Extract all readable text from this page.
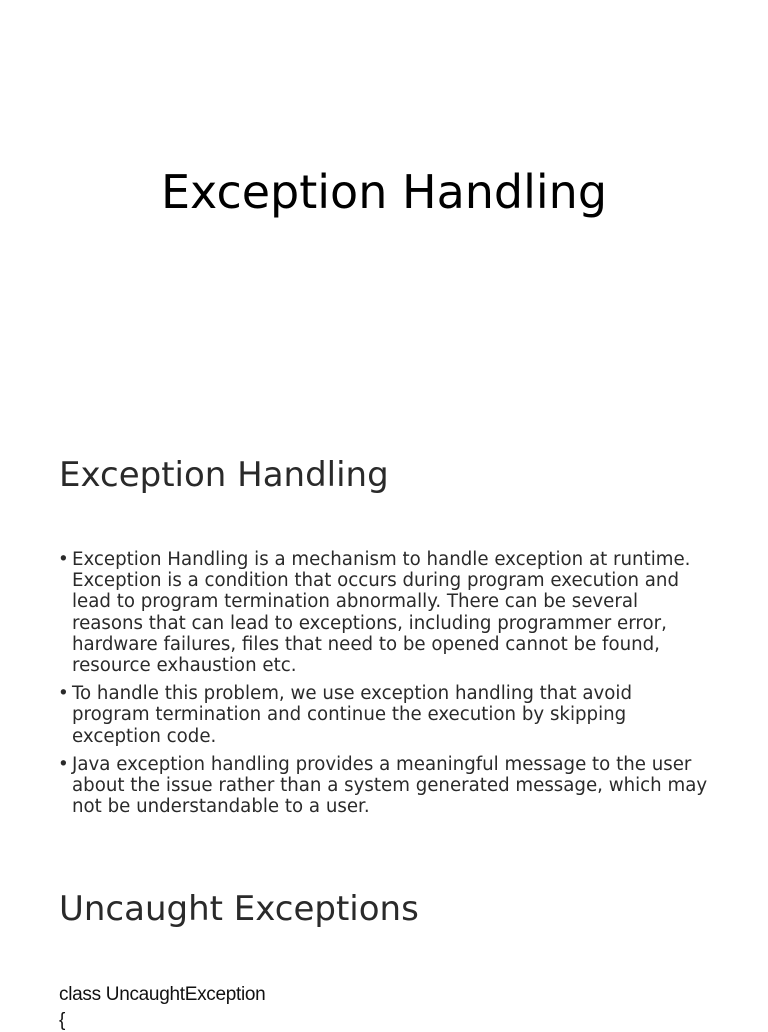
Exception Handling
Exception Handling
• Exception Handling is a mechanism to handle exception at runtime. Exception is a condition that occurs during program execution and lead to program termination abnormally. There can be several reasons that can lead to exceptions, including programmer error, hardware failures, files that need to be opened cannot be found, resource exhaustion etc.
• To handle this problem, we use exception handling that avoid program termination and continue the execution by skipping exception code.
• Java exception handling provides a meaningful message to the user about the issue rather than a system generated message, which may not be understandable to a user.
Uncaught Exceptions
class UncaughtException
{
